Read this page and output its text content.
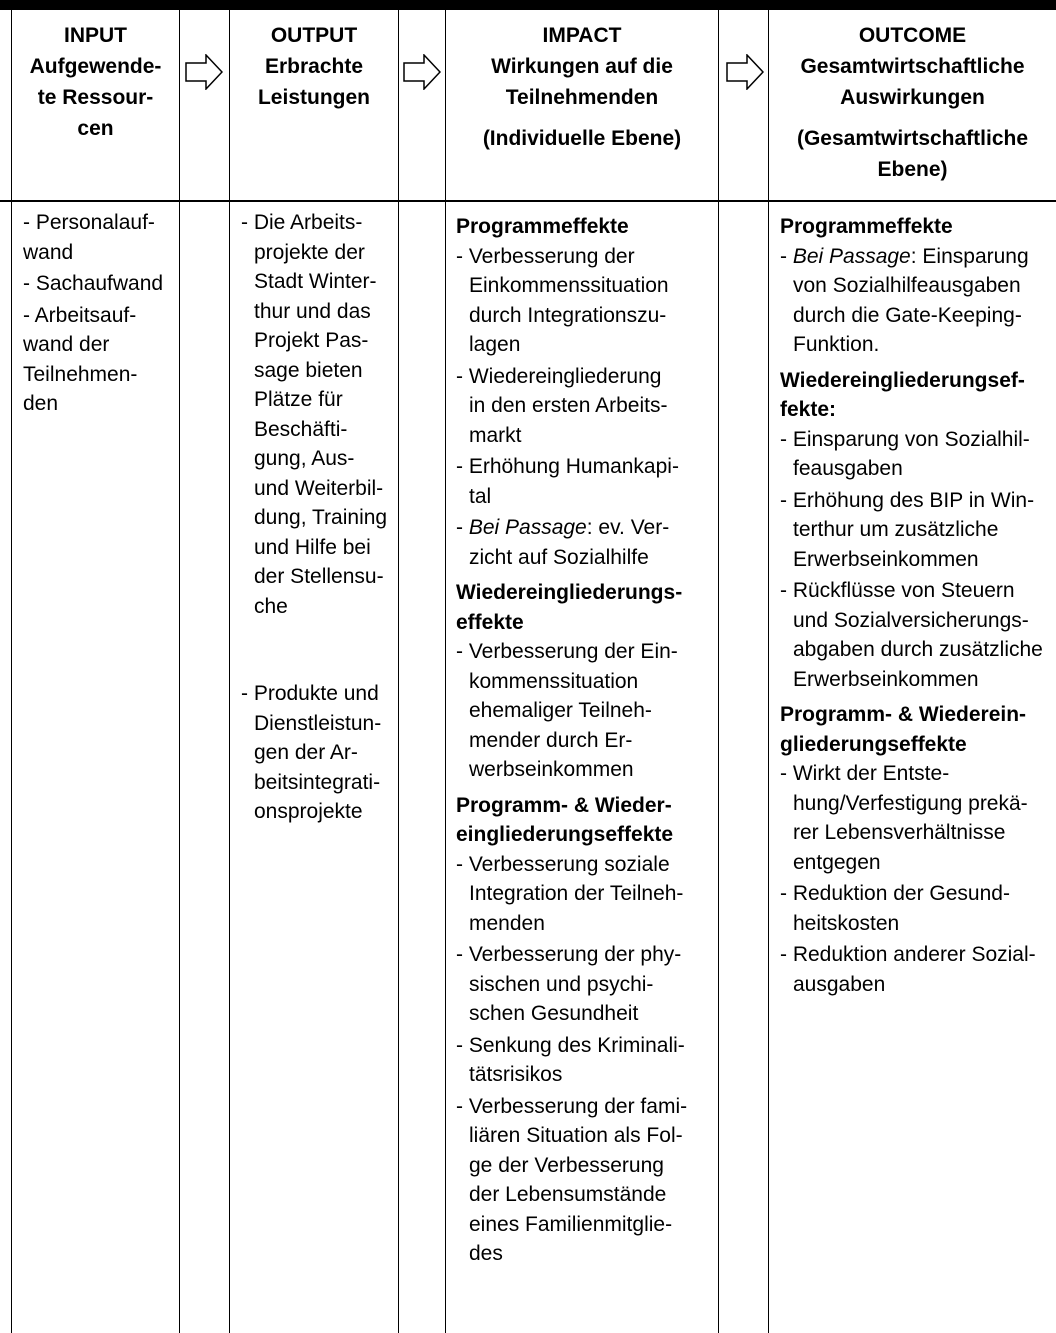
INPUT
Aufgewende-
te Ressour-
cen
OUTPUT
Erbrachte
Leistungen
IMPACT
Wirkungen auf die
Teilnehmenden
(Individuelle Ebene)
OUTCOME
Gesamtwirtschaftliche
Auswirkungen
(Gesamtwirtschaftliche
Ebene)

- Personalauf-

wand

- Sachaufwand

- Arbeitsauf-

wand der

Teilnehmen-

den

- Die Arbeits-

projekte der

Stadt Winter-

thur und das

Projekt Pas-

sage bieten

Plätze für

Beschäfti-

gung, Aus-

und Weiterbil-

dung, Training

und Hilfe bei

der Stellensu-

che

- Produkte und

Dienstleistun-

gen der Ar-

beitsintegrati-

onsprojekte

Programmeffekte

- Verbesserung der

Einkommenssituation

durch Integrationszu-

lagen

- Wiedereingliederung

in den ersten Arbeits-

markt

- Erhöhung Humankapi-

tal

- Bei Passage: ev. Ver-

zicht auf Sozialhilfe

Wiedereingliederungs-

effekte

- Verbesserung der Ein-

kommenssituation

ehemaliger Teilneh-

mender durch Er-

werbseinkommen

Programm- & Wieder-

eingliederungseffekte

- Verbesserung soziale

Integration der Teilneh-

menden

- Verbesserung der phy-

sischen und psychi-

schen Gesundheit

- Senkung des Kriminali-

tätsrisikos

- Verbesserung der fami-

liären Situation als Fol-

ge der Verbesserung

der Lebensumstände

eines Familienmitglie-

des

Programmeffekte

- Bei Passage: Einsparung

von Sozialhilfeausgaben

durch die Gate-Keeping-

Funktion.

Wiedereingliederungsef-

fekte:

- Einsparung von Sozialhil-

feausgaben

- Erhöhung des BIP in Win-

terthur um zusätzliche

Erwerbseinkommen

- Rückflüsse von Steuern

und Sozialversicherungs-

abgaben durch zusätzliche

Erwerbseinkommen

Programm- & Wiederein-

gliederungseffekte

- Wirkt der Entste-

hung/Verfestigung prekä-

rer Lebensverhältnisse

entgegen

- Reduktion der Gesund-

heitskosten

- Reduktion anderer Sozial-

ausgaben
